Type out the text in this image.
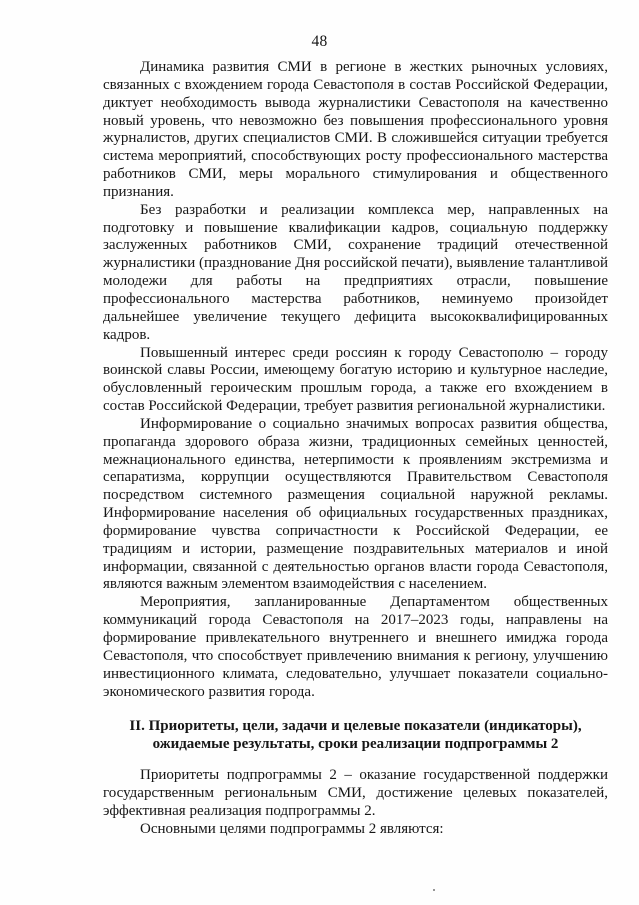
48

Динамика развития СМИ в регионе в жестких рыночных условиях, связанных с вхождением города Севастополя в состав Российской Федерации, диктует необходимость вывода журналистики Севастополя на качественно новый уровень, что невозможно без повышения профессионального уровня журналистов, других специалистов СМИ. В сложившейся ситуации требуется система мероприятий, способствующих росту профессионального мастерства работников СМИ, меры морального стимулирования и общественного признания.

Без разработки и реализации комплекса мер, направленных на подготовку и повышение квалификации кадров, социальную поддержку заслуженных работников СМИ, сохранение традиций отечественной журналистики (празднование Дня российской печати), выявление талантливой молодежи для работы на предприятиях отрасли, повышение профессионального мастерства работников, неминуемо произойдет дальнейшее увеличение текущего дефицита высококвалифицированных кадров.

Повышенный интерес среди россиян к городу Севастополю – городу воинской славы России, имеющему богатую историю и культурное наследие, обусловленный героическим прошлым города, а также его вхождением в состав Российской Федерации, требует развития региональной журналистики.

Информирование о социально значимых вопросах развития общества, пропаганда здорового образа жизни, традиционных семейных ценностей, межнационального единства, нетерпимости к проявлениям экстремизма и сепаратизма, коррупции осуществляются Правительством Севастополя посредством системного размещения социальной наружной рекламы. Информирование населения об официальных государственных праздниках, формирование чувства сопричастности к Российской Федерации, ее традициям и истории, размещение поздравительных материалов и иной информации, связанной с деятельностью органов власти города Севастополя, являются важным элементом взаимодействия с населением.

Мероприятия, запланированные Департаментом общественных коммуникаций города Севастополя на 2017–2023 годы, направлены на формирование привлекательного внутреннего и внешнего имиджа города Севастополя, что способствует привлечению внимания к региону, улучшению инвестиционного климата, следовательно, улучшает показатели социально-экономического развития города.

II. Приоритеты, цели, задачи и целевые показатели (индикаторы),
ожидаемые результаты, сроки реализации подпрограммы 2

Приоритеты подпрограммы 2 – оказание государственной поддержки государственным региональным СМИ, достижение целевых показателей, эффективная реализация подпрограммы 2.

Основными целями подпрограммы 2 являются:
